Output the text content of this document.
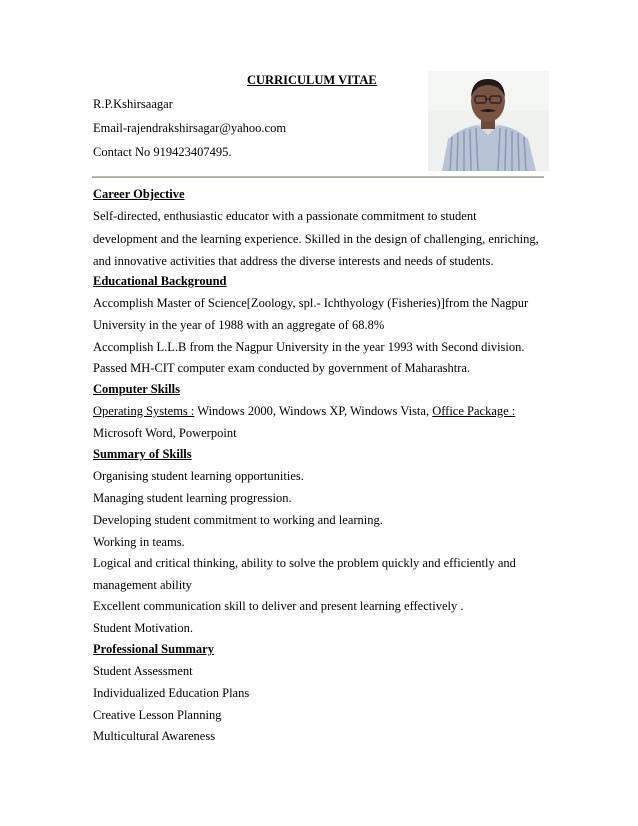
CURRICULUM VITAE
R.P.Kshirsaagar
Email-rajendrakshirsagar@yahoo.com
Contact No 919423407495.
Career Objective
Self-directed, enthusiastic educator with a passionate commitment to student
development and the learning experience. Skilled in the design of challenging, enriching,
and innovative activities that address the diverse interests and needs of students.
Educational Background
Accomplish Master of Science[Zoology, spl.- Ichthyology (Fisheries)]from the Nagpur
University in the year of 1988 with an aggregate of 68.8%
Accomplish L.L.B from the Nagpur University in the year 1993 with Second division.
Passed MH-CIT computer exam conducted by government of Maharashtra.
Computer Skills
Operating Systems : Windows 2000, Windows XP, Windows Vista, Office Package :
Microsoft Word, Powerpoint
Summary of Skills
Organising student learning opportunities.
Managing student learning progression.
Developing student commitment to working and learning.
Working in teams.
Logical and critical thinking, ability to solve the problem quickly and efficiently and
management ability
Excellent communication skill to deliver and present learning effectively .
Student Motivation.
Professional Summary
Student Assessment
Individualized Education Plans
Creative Lesson Planning
Multicultural Awareness
